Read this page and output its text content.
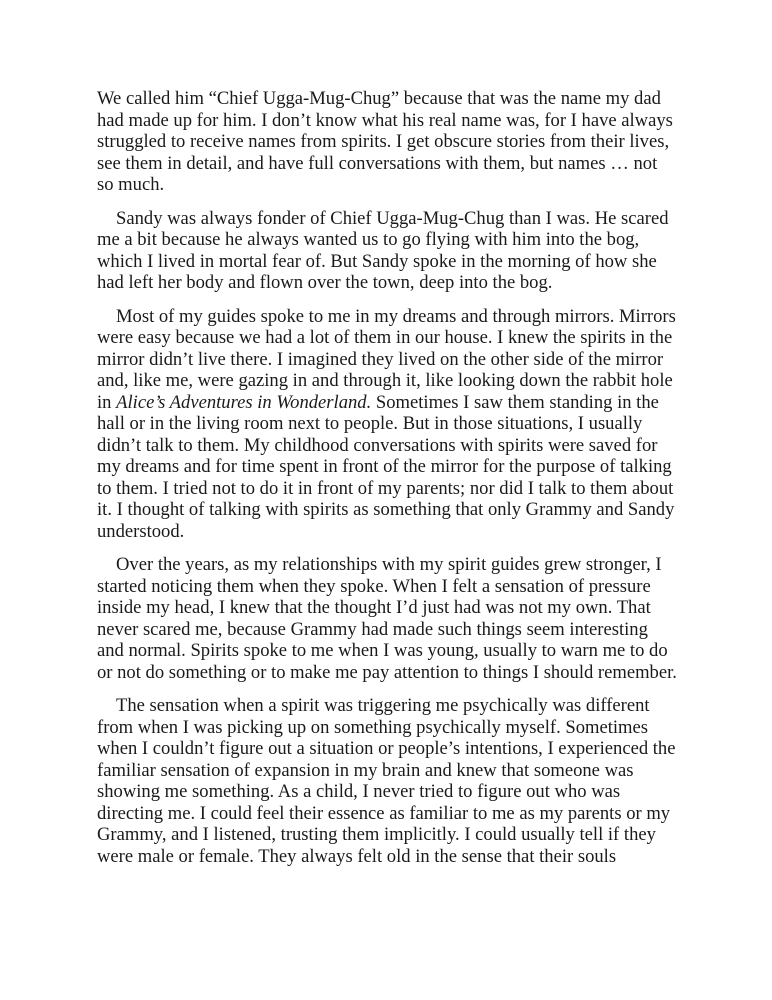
We called him “Chief Ugga-Mug-Chug” because that was the name my dad had made up for him. I don’t know what his real name was, for I have always struggled to receive names from spirits. I get obscure stories from their lives, see them in detail, and have full conversations with them, but names … not so much.

Sandy was always fonder of Chief Ugga-Mug-Chug than I was. He scared me a bit because he always wanted us to go flying with him into the bog, which I lived in mortal fear of. But Sandy spoke in the morning of how she had left her body and flown over the town, deep into the bog.

Most of my guides spoke to me in my dreams and through mirrors. Mirrors were easy because we had a lot of them in our house. I knew the spirits in the mirror didn’t live there. I imagined they lived on the other side of the mirror and, like me, were gazing in and through it, like looking down the rabbit hole in Alice’s Adventures in Wonderland. Sometimes I saw them standing in the hall or in the living room next to people. But in those situations, I usually didn’t talk to them. My childhood conversations with spirits were saved for my dreams and for time spent in front of the mirror for the purpose of talking to them. I tried not to do it in front of my parents; nor did I talk to them about it. I thought of talking with spirits as something that only Grammy and Sandy understood.

Over the years, as my relationships with my spirit guides grew stronger, I started noticing them when they spoke. When I felt a sensation of pressure inside my head, I knew that the thought I’d just had was not my own. That never scared me, because Grammy had made such things seem interesting and normal. Spirits spoke to me when I was young, usually to warn me to do or not do something or to make me pay attention to things I should remember.

The sensation when a spirit was triggering me psychically was different from when I was picking up on something psychically myself. Sometimes when I couldn’t figure out a situation or people’s intentions, I experienced the familiar sensation of expansion in my brain and knew that someone was showing me something. As a child, I never tried to figure out who was directing me. I could feel their essence as familiar to me as my parents or my Grammy, and I listened, trusting them implicitly. I could usually tell if they were male or female. They always felt old in the sense that their souls
